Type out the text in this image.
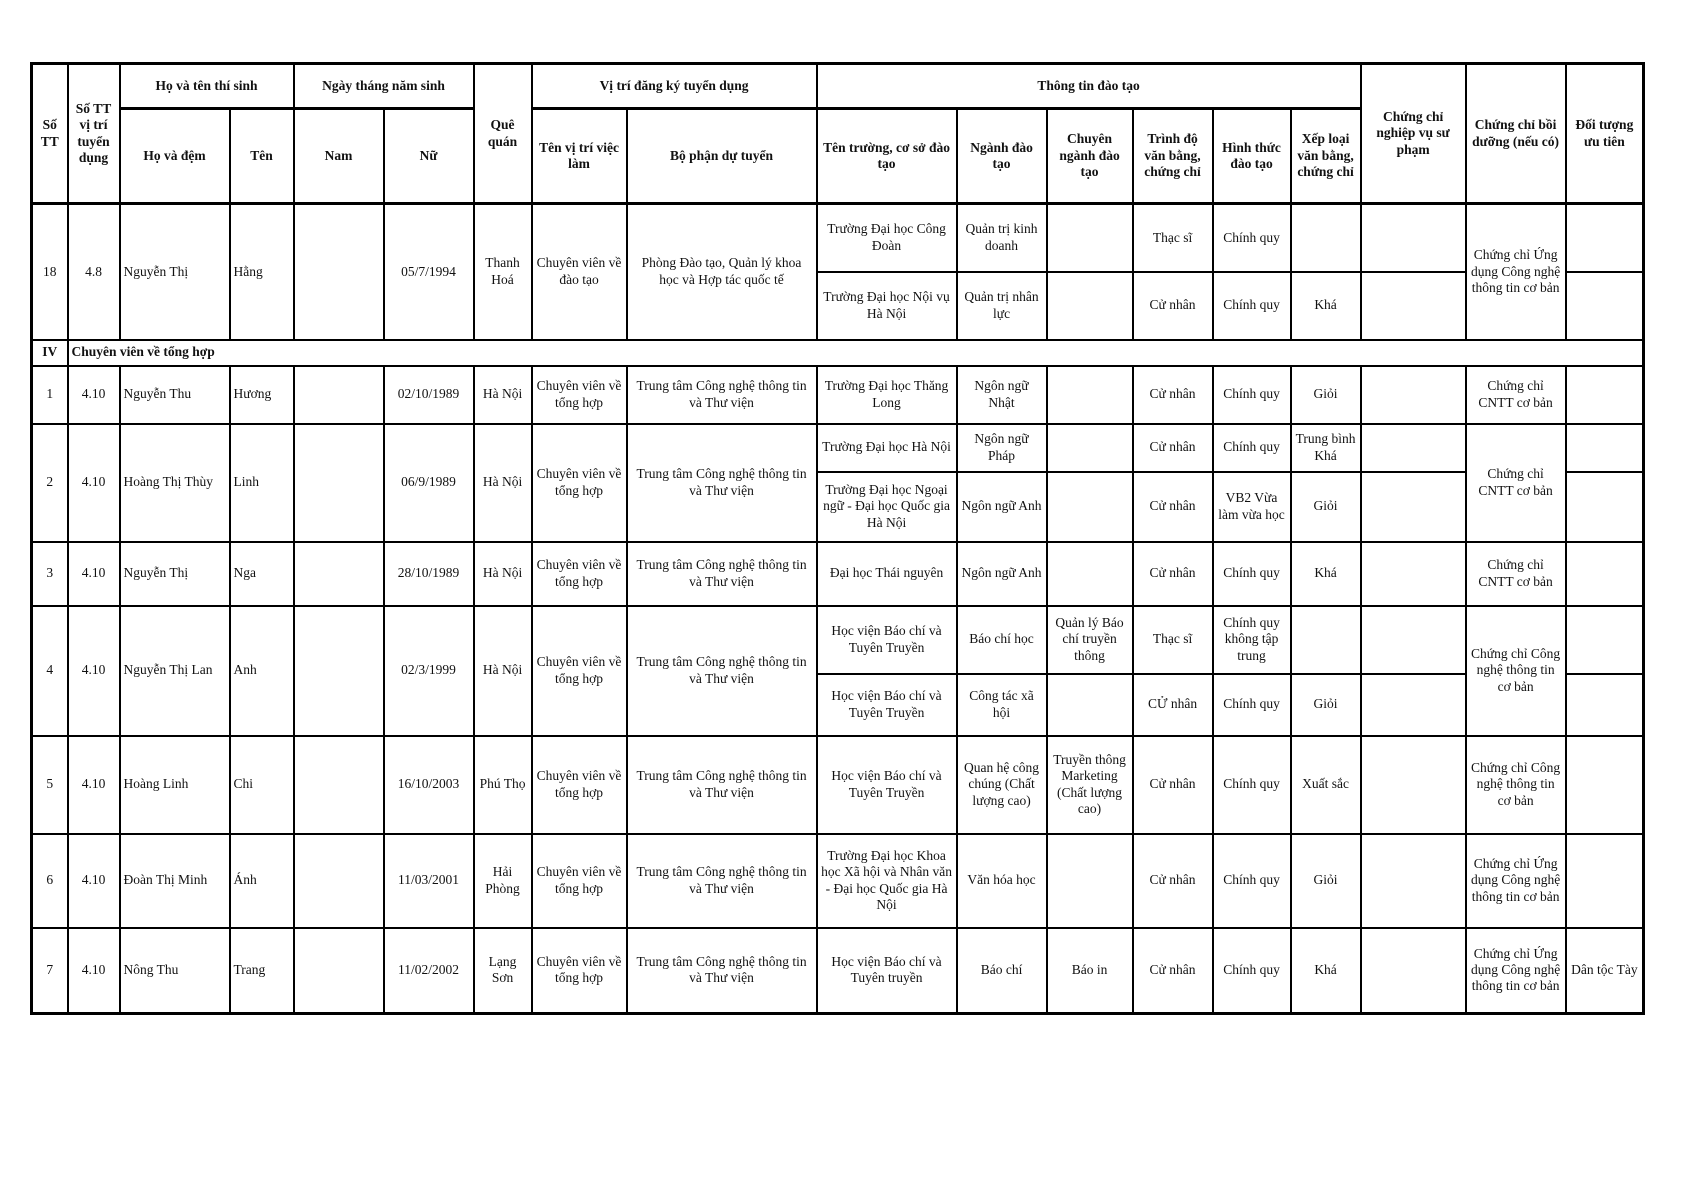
Số TT	Số TT vị trí tuyển dụng	Họ và tên thí sinh		Ngày tháng năm sinh		Quê quán	Vị trí đăng ký tuyển dụng		Thông tin đào tạo						Chứng chỉ nghiệp vụ sư phạm	Chứng chỉ bồi dưỡng (nếu có)	Đối tượng ưu tiên
		Họ và đệm	Tên	Nam	Nữ		Tên vị trí việc làm	Bộ phận dự tuyển	Tên trường, cơ sở đào tạo	Ngành đào tạo	Chuyên ngành đào tạo	Trình độ văn bằng, chứng chỉ	Hình thức đào tạo	Xếp loại văn bằng, chứng chỉ			
18	4.8	Nguyễn Thị	Hằng		05/7/1994	Thanh Hoá	Chuyên viên về đào tạo	Phòng Đào tạo, Quản lý khoa học và Hợp tác quốc tế	Trường Đại học Công Đoàn	Quản trị kinh doanh		Thạc sĩ	Chính quy			Chứng chỉ Ứng dụng Công nghệ thông tin cơ bản	
									Trường Đại học Nội vụ Hà Nội	Quản trị nhân lực		Cử nhân	Chính quy	Khá			
IV	Chuyên viên về tổng hợp																
1	4.10	Nguyễn Thu	Hương		02/10/1989	Hà Nội	Chuyên viên về tổng hợp	Trung tâm Công nghệ thông tin và Thư viện	Trường Đại học Thăng Long	Ngôn ngữ Nhật		Cử nhân	Chính quy	Giỏi		Chứng chỉ CNTT cơ bản	
2	4.10	Hoàng Thị Thùy	Linh		06/9/1989	Hà Nội	Chuyên viên về tổng hợp	Trung tâm Công nghệ thông tin và Thư viện	Trường Đại học Hà Nội	Ngôn ngữ Pháp		Cử nhân	Chính quy	Trung bình Khá		Chứng chỉ CNTT cơ bản	
									Trường Đại học Ngoại ngữ - Đại học Quốc gia Hà Nội	Ngôn ngữ Anh		Cử nhân	VB2 Vừa làm vừa học	Giỏi			
3	4.10	Nguyễn Thị	Nga		28/10/1989	Hà Nội	Chuyên viên về tổng hợp	Trung tâm Công nghệ thông tin và Thư viện	Đại học Thái nguyên	Ngôn ngữ Anh		Cử nhân	Chính quy	Khá		Chứng chỉ CNTT cơ bản	
4	4.10	Nguyễn Thị Lan	Anh		02/3/1999	Hà Nội	Chuyên viên về tổng hợp	Trung tâm Công nghệ thông tin và Thư viện	Học viện Báo chí và Tuyên Truyền	Báo chí học	Quản lý Báo chí truyền thông	Thạc sĩ	Chính quy không tập trung			Chứng chỉ Công nghệ thông tin cơ bản	
									Học viện Báo chí và Tuyên Truyền	Công tác xã hội		CỬ nhân	Chính quy	Giỏi			
5	4.10	Hoàng Linh	Chi		16/10/2003	Phú Thọ	Chuyên viên về tổng hợp	Trung tâm Công nghệ thông tin và Thư viện	Học viện Báo chí và Tuyên Truyền	Quan hệ công chúng (Chất lượng cao)	Truyền thông Marketing (Chất lượng cao)	Cử nhân	Chính quy	Xuất sắc		Chứng chỉ Công nghệ thông tin cơ bản	
6	4.10	Đoàn Thị Minh	Ánh		11/03/2001	Hải Phòng	Chuyên viên về tổng hợp	Trung tâm Công nghệ thông tin và Thư viện	Trường Đại học Khoa học Xã hội và Nhân văn - Đại học Quốc gia Hà Nội	Văn hóa học		Cử nhân	Chính quy	Giỏi		Chứng chỉ Ứng dụng Công nghệ thông tin cơ bản	
7	4.10	Nông Thu	Trang		11/02/2002	Lạng Sơn	Chuyên viên về tổng hợp	Trung tâm Công nghệ thông tin và Thư viện	Học viện Báo chí và Tuyên truyền	Báo chí	Báo in	Cử nhân	Chính quy	Khá		Chứng chỉ Ứng dụng Công nghệ thông tin cơ bản	Dân tộc Tày
